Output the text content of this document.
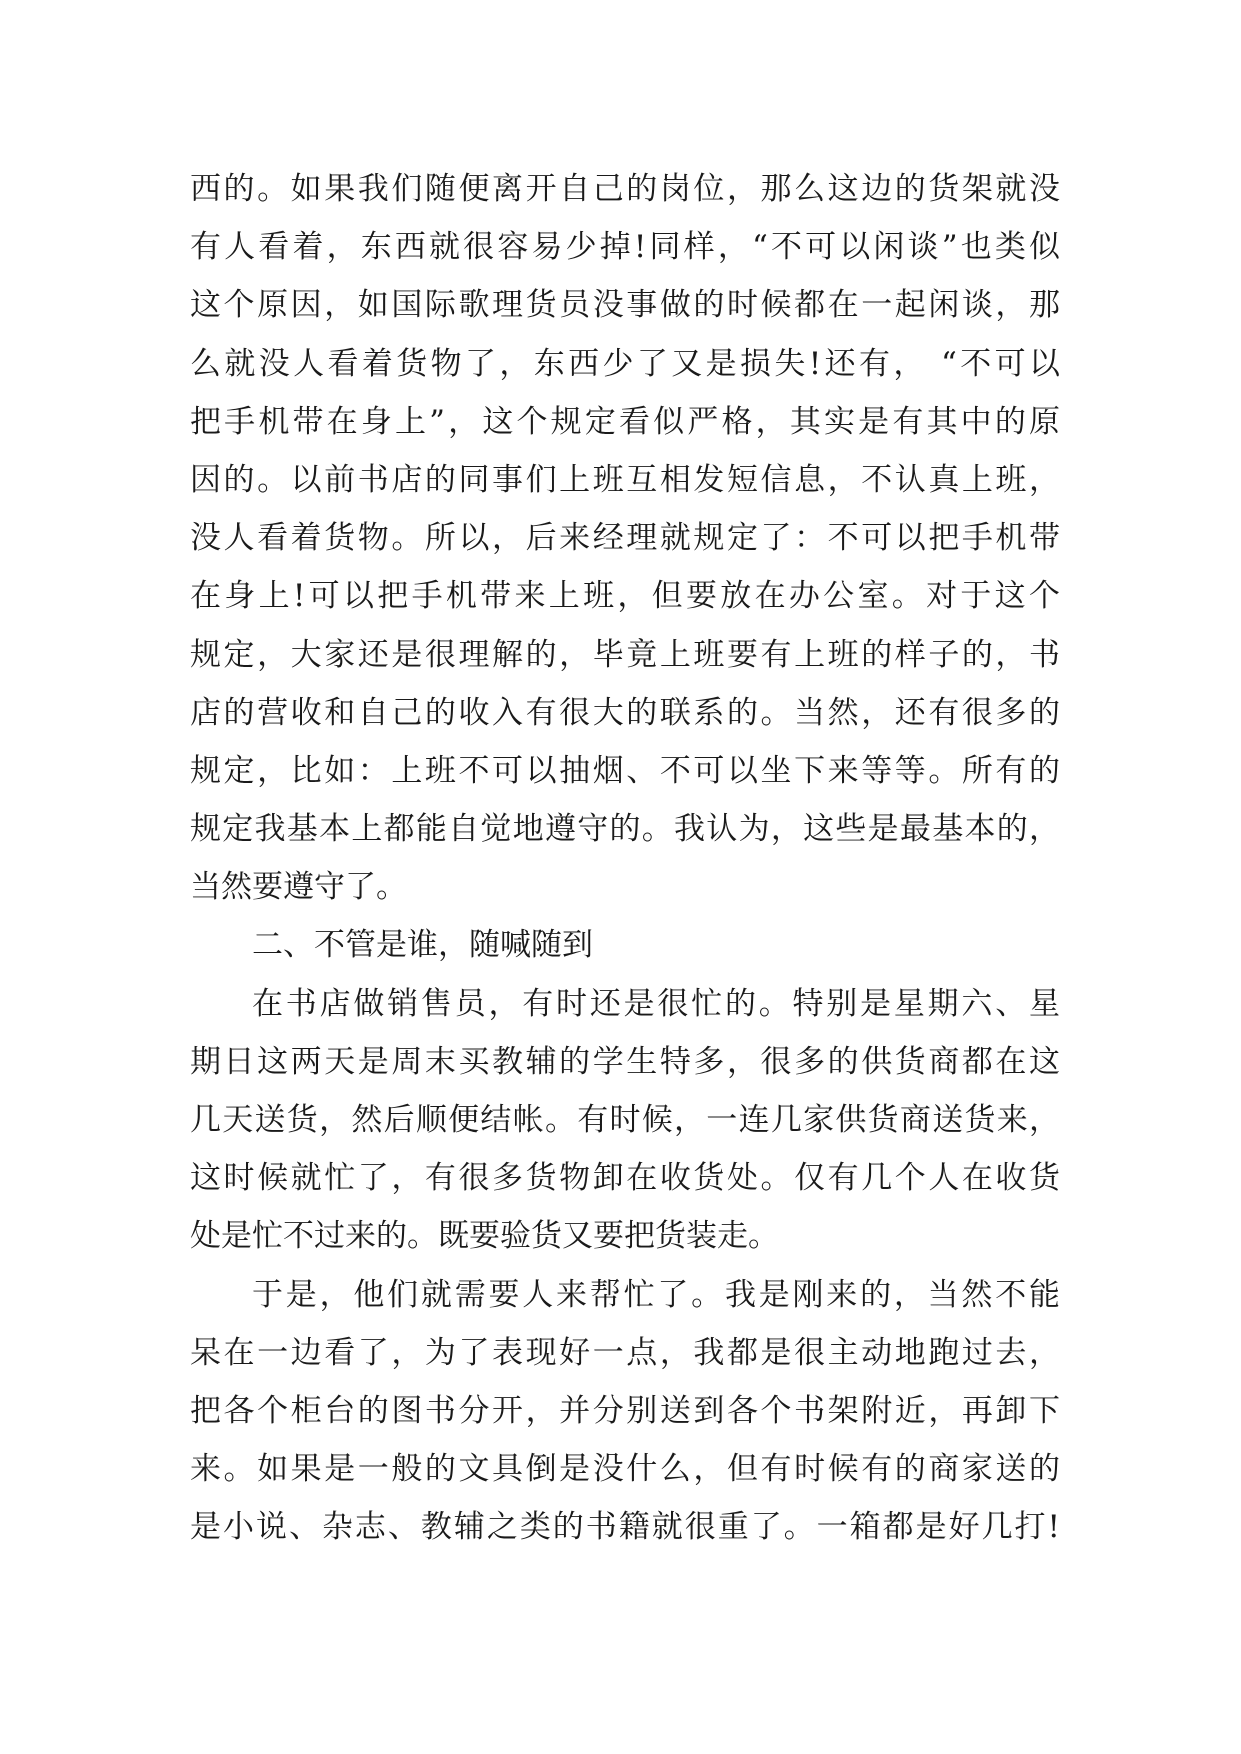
西的。如果我们随便离开自己的岗位，那么这边的货架就没
有人看着，东西就很容易少掉!同样，“不可以闲谈”也类似
这个原因，如国际歌理货员没事做的时候都在一起闲谈，那
么就没人看着货物了，东西少了又是损失!还有， “不可以
把手机带在身上”，这个规定看似严格，其实是有其中的原
因的。以前书店的同事们上班互相发短信息，不认真上班，
没人看着货物。所以，后来经理就规定了：不可以把手机带
在身上!可以把手机带来上班，但要放在办公室。对于这个
规定，大家还是很理解的，毕竟上班要有上班的样子的，书
店的营收和自己的收入有很大的联系的。当然，还有很多的
规定，比如：上班不可以抽烟、不可以坐下来等等。所有的
规定我基本上都能自觉地遵守的。我认为，这些是最基本的，
当然要遵守了。
二、不管是谁，随喊随到
在书店做销售员，有时还是很忙的。特别是星期六、星
期日这两天是周末买教辅的学生特多，很多的供货商都在这
几天送货，然后顺便结帐。有时候，一连几家供货商送货来，
这时候就忙了，有很多货物卸在收货处。仅有几个人在收货
处是忙不过来的。既要验货又要把货装走。
于是，他们就需要人来帮忙了。我是刚来的，当然不能
呆在一边看了，为了表现好一点，我都是很主动地跑过去，
把各个柜台的图书分开，并分别送到各个书架附近，再卸下
来。如果是一般的文具倒是没什么，但有时候有的商家送的
是小说、杂志、教辅之类的书籍就很重了。一箱都是好几打!
